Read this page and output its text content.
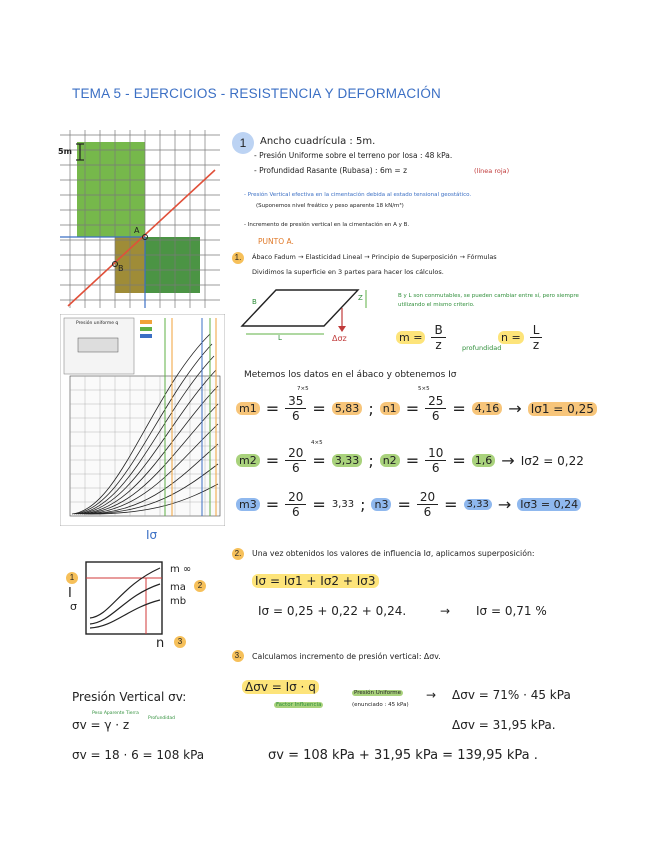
TEMA 5 - EJERCICIOS - RESISTENCIA Y DEFORMACIÓN
5m
A
B
Presión uniforme q
Iσ
1
2
3
I
σ
m ∞
ma
mb
n
1	Ancho cuadrícula : 5m.
- Presión Uniforme sobre el terreno por losa : 48 kPa.
- Profundidad Rasante (Rubasa) : 6m = z	(línea roja)
- Presión Vertical efectiva en la cimentación debida al estado tensional geostático.
(Suponemos nivel freático y peso aparente 18 kN/m³)
- Incremento de presión vertical en la cimentación en A y B.
PUNTO A.
1.	Ábaco Fadum → Elasticidad Lineal → Principio de Superposición → Fórmulas
Dividimos la superficie en 3 partes para hacer los cálculos.
B
L
Z
Δσz
B y L son conmutables, se pueden cambiar entre sí, pero siempre utilizando el mismo criterio.
$m = \frac{B}{z}$	profundidad
$n = \frac{L}{z}$
Metemos los datos en el ábaco y obtenemos Iσ
$m1 = \frac{35}{6} = 5,83$ ; $n1 = \frac{25}{6} = 4,16 \to I\sigma 1 = 0,25$
7×5	5×5
$m2 = \frac{20}{6} = 3,33$ ; $n2 = \frac{10}{6} = 1,6 \to I\sigma 2 = 0,22$
4×5
$m3 = \frac{20}{6} = 3,33$ ; $n3 = \frac{20}{6} = 3,33 \to I\sigma 3 = 0,24$
2.	Una vez obtenidos los valores de influencia Iσ, aplicamos superposición:
Iσ = Iσ1 + Iσ2 + Iσ3
Iσ = 0,25 + 0,22 + 0,24.	→ Iσ = 0,71 %
3.	Calculamos incremento de presión vertical: Δσv.
Δσv = Iσ · q
Factor Influencia
Presión Uniforme
(enunciado : 45 kPa)
→ Δσv = 71% · 45 kPa
Δσv = 31,95 kPa.
Presión Vertical σv:
Peso Aparente Tierra
Profundidad
σv = γ · z
σv = 18 · 6 = 108 kPa	σv = 108 kPa + 31,95 kPa = 139,95 kPa .
